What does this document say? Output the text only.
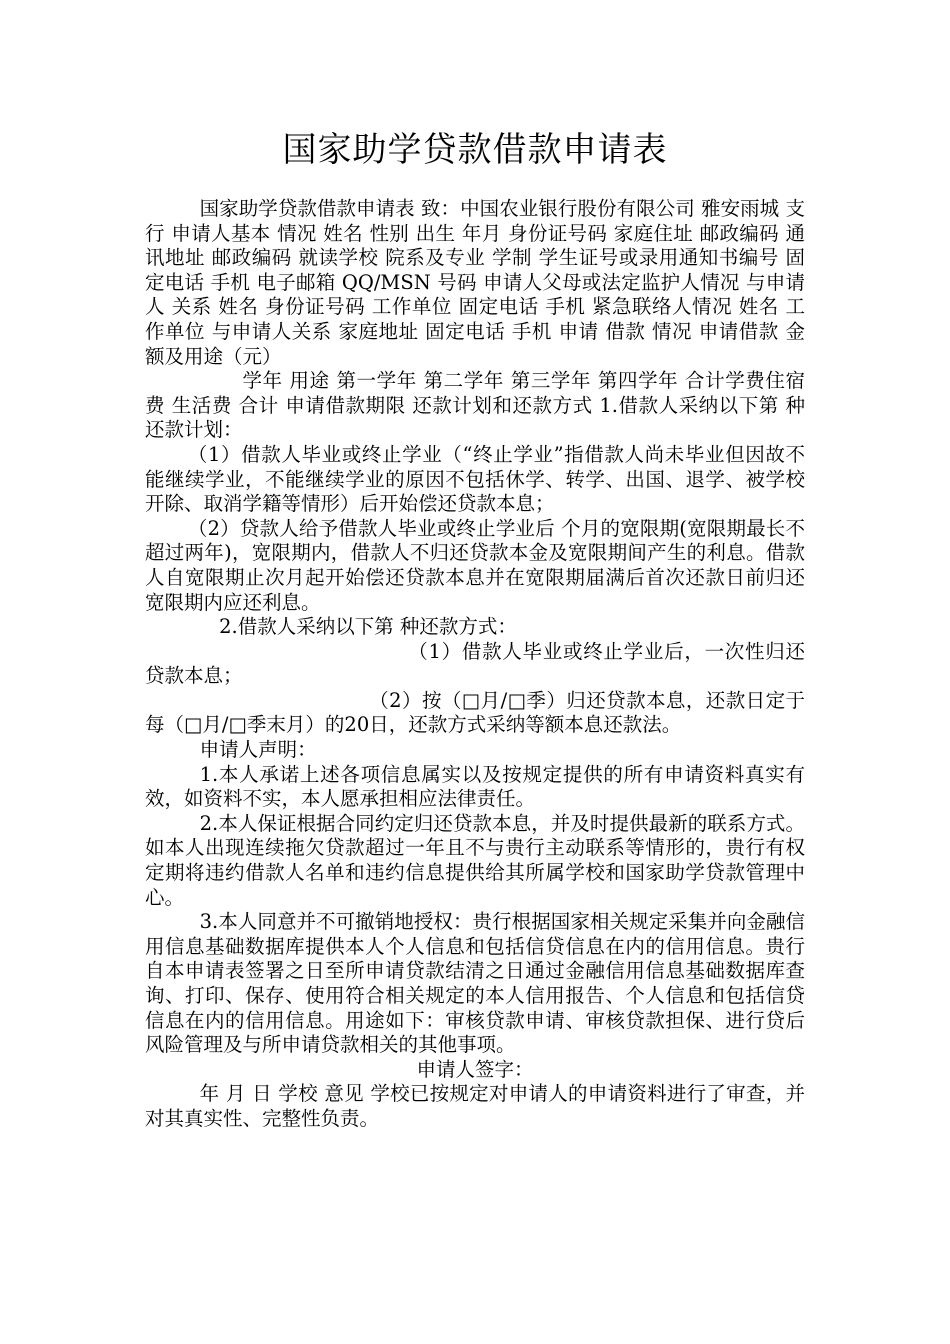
国家助学贷款借款申请表

国家助学贷款借款申请表 致：中国农业银行股份有限公司 雅安雨城 支行 申请人基本 情况 姓名 性别 出生 年月 身份证号码 家庭住址 邮政编码 通讯地址 邮政编码 就读学校 院系及专业 学制 学生证号或录用通知书编号 固定电话 手机 电子邮箱 QQ/MSN 号码 申请人父母或法定监护人情况 与申请人 关系 姓名 身份证号码 工作单位 固定电话 手机 紧急联络人情况 姓名 工作单位 与申请人关系 家庭地址 固定电话 手机 申请 借款 情况 申请借款 金额及用途（元）

学年 用途 第一学年 第二学年 第三学年 第四学年 合计学费住宿费 生活费 合计 申请借款期限 还款计划和还款方式 1.借款人采纳以下第 种还款计划：

（1）借款人毕业或终止学业（“终止学业”指借款人尚未毕业但因故不能继续学业，不能继续学业的原因不包括休学、转学、出国、退学、被学校开除、取消学籍等情形）后开始偿还贷款本息；

（2）贷款人给予借款人毕业或终止学业后 个月的宽限期(宽限期最长不超过两年)，宽限期内，借款人不归还贷款本金及宽限期间产生的利息。借款人自宽限期止次月起开始偿还贷款本息并在宽限期届满后首次还款日前归还宽限期内应还利息。

2.借款人采纳以下第 种还款方式：

（1）借款人毕业或终止学业后，一次性归还贷款本息；

（2）按（□月/□季）归还贷款本息，还款日定于每（□月/□季末月）的20日，还款方式采纳等额本息还款法。

申请人声明：

1.本人承诺上述各项信息属实以及按规定提供的所有申请资料真实有效，如资料不实，本人愿承担相应法律责任。

2.本人保证根据合同约定归还贷款本息，并及时提供最新的联系方式。如本人出现连续拖欠贷款超过一年且不与贵行主动联系等情形的，贵行有权定期将违约借款人名单和违约信息提供给其所属学校和国家助学贷款管理中心。

3.本人同意并不可撤销地授权：贵行根据国家相关规定采集并向金融信用信息基础数据库提供本人个人信息和包括信贷信息在内的信用信息。贵行自本申请表签署之日至所申请贷款结清之日通过金融信用信息基础数据库查询、打印、保存、使用符合相关规定的本人信用报告、个人信息和包括信贷信息在内的信用信息。用途如下：审核贷款申请、审核贷款担保、进行贷后风险管理及与所申请贷款相关的其他事项。

申请人签字：

年 月 日 学校 意见 学校已按规定对申请人的申请资料进行了审查，并对其真实性、完整性负责。
